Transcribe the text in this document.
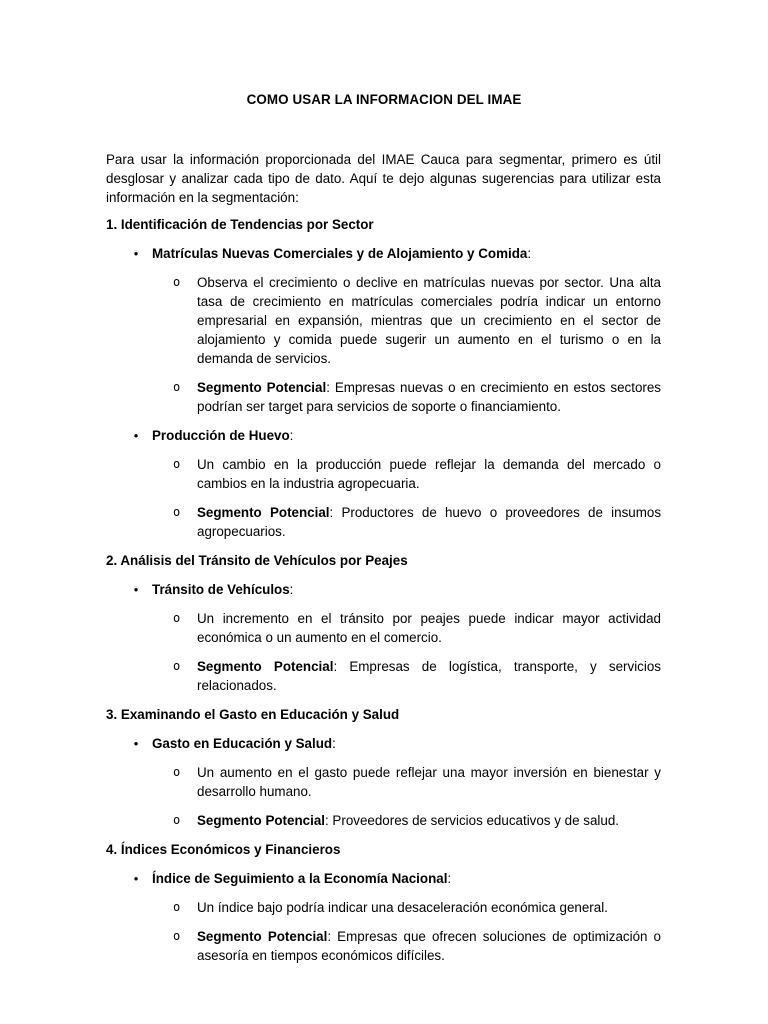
COMO USAR LA INFORMACION DEL IMAE
Para usar la información proporcionada del IMAE Cauca para segmentar, primero es útil desglosar y analizar cada tipo de dato. Aquí te dejo algunas sugerencias para utilizar esta información en la segmentación:
1. Identificación de Tendencias por Sector
• Matrículas Nuevas Comerciales y de Alojamiento y Comida:
o Observa el crecimiento o declive en matrículas nuevas por sector. Una alta tasa de crecimiento en matrículas comerciales podría indicar un entorno empresarial en expansión, mientras que un crecimiento en el sector de alojamiento y comida puede sugerir un aumento en el turismo o en la demanda de servicios.
o Segmento Potencial: Empresas nuevas o en crecimiento en estos sectores podrían ser target para servicios de soporte o financiamiento.
• Producción de Huevo:
o Un cambio en la producción puede reflejar la demanda del mercado o cambios en la industria agropecuaria.
o Segmento Potencial: Productores de huevo o proveedores de insumos agropecuarios.
2. Análisis del Tránsito de Vehículos por Peajes
• Tránsito de Vehículos:
o Un incremento en el tránsito por peajes puede indicar mayor actividad económica o un aumento en el comercio.
o Segmento Potencial: Empresas de logística, transporte, y servicios relacionados.
3. Examinando el Gasto en Educación y Salud
• Gasto en Educación y Salud:
o Un aumento en el gasto puede reflejar una mayor inversión en bienestar y desarrollo humano.
o Segmento Potencial: Proveedores de servicios educativos y de salud.
4. Índices Económicos y Financieros
• Índice de Seguimiento a la Economía Nacional:
o Un índice bajo podría indicar una desaceleración económica general.
o Segmento Potencial: Empresas que ofrecen soluciones de optimización o asesoría en tiempos económicos difíciles.
